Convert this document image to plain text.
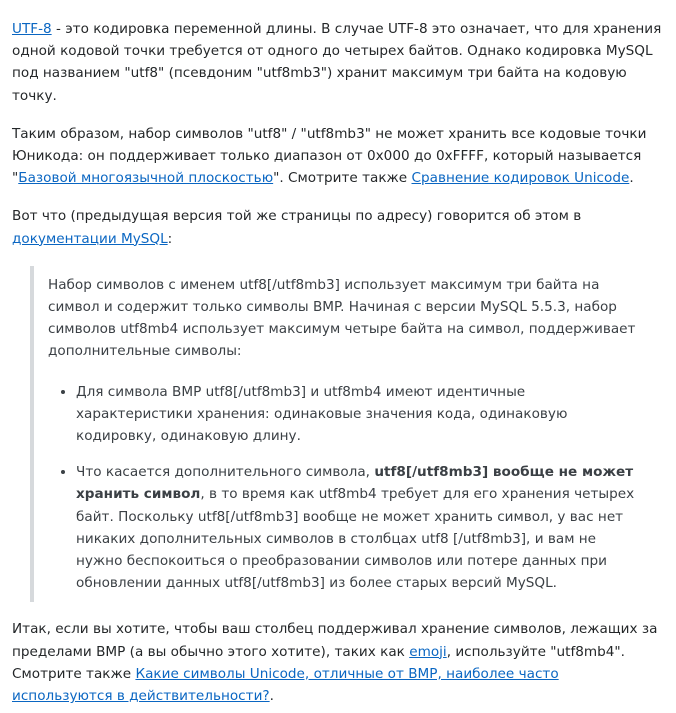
UTF-8 - это кодировка переменной длины. В случае UTF-8 это означает, что для хранения одной кодовой точки требуется от одного до четырех байтов. Однако кодировка MySQL под названием "utf8" (псевдоним "utf8mb3") хранит максимум три байта на кодовую точку.

Таким образом, набор символов "utf8" / "utf8mb3" не может хранить все кодовые точки Юникода: он поддерживает только диапазон от 0x000 до 0xFFFF, который называется "Базовой многоязычной плоскостью". Смотрите также Сравнение кодировок Unicode.

Вот что (предыдущая версия той же страницы по адресу) говорится об этом в документации MySQL:

Набор символов с именем utf8[/utf8mb3] использует максимум три байта на символ и содержит только символы BMP. Начиная с версии MySQL 5.5.3, набор символов utf8mb4 использует максимум четыре байта на символ, поддерживает дополнительные символы:

• Для символа BMP utf8[/utf8mb3] и utf8mb4 имеют идентичные характеристики хранения: одинаковые значения кода, одинаковую кодировку, одинаковую длину.
• Что касается дополнительного символа, utf8[/utf8mb3] вообще не может хранить символ, в то время как utf8mb4 требует для его хранения четырех байт. Поскольку utf8[/utf8mb3] вообще не может хранить символ, у вас нет никаких дополнительных символов в столбцах utf8 [/utf8mb3], и вам не нужно беспокоиться о преобразовании символов или потере данных при обновлении данных utf8[/utf8mb3] из более старых версий MySQL.

Итак, если вы хотите, чтобы ваш столбец поддерживал хранение символов, лежащих за пределами BMP (а вы обычно этого хотите), таких как emoji, используйте "utf8mb4". Смотрите также Какие символы Unicode, отличные от BMP, наиболее часто используются в действительности?.
